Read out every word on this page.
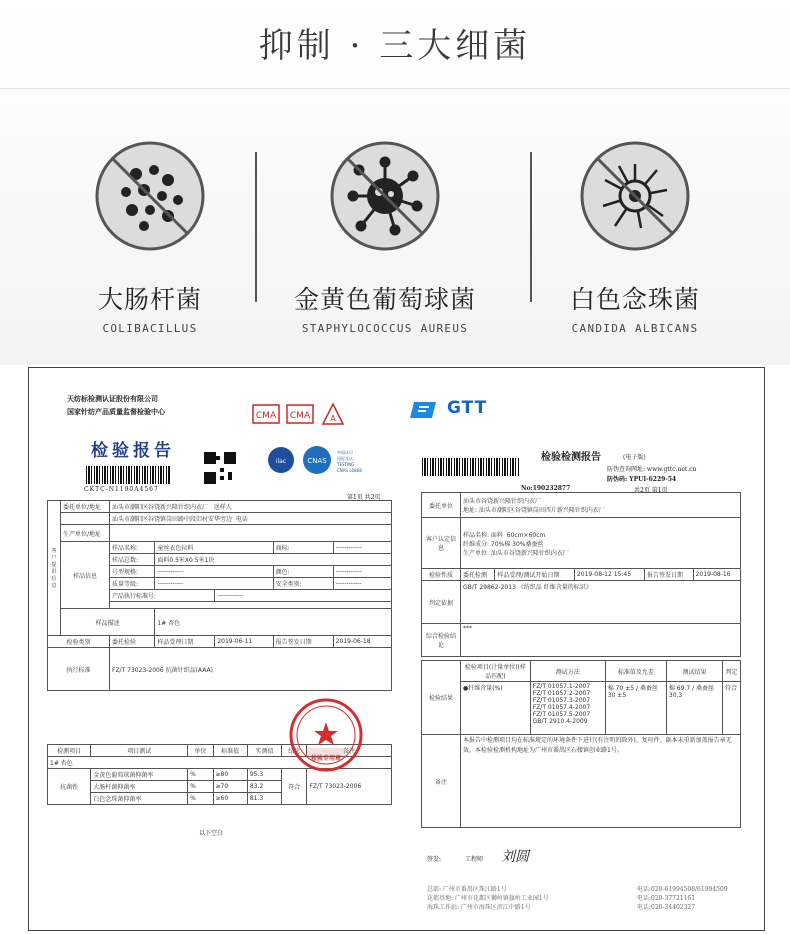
抑制 · 三大细菌
大肠杆菌
COLIBACILLUS
金黄色葡萄球菌
STAPHYLOCOCCUS AUREUS
白色念珠菌
CANDIDA ALBICANS
天纺标检测认证股份有限公司
国家针纺产品质量监督检验中心
检验报告
CKTC-N1190A4567
CMA CMA	A
ilac	CNAS
中国认可
国际互认
TESTING
CNAS L0868
第1页 共2页
客户提供信息	委托单位/地址	汕头市潮阳区谷饶新兴隆针织内衣厂 送样人				
		汕头市潮阳区谷饶镇岗田路中段旧村安华旁边 电话				
	生产单位/地址					
	样品信息	样品名称:	童丝衣色拉料		商标:	------------
		样品总数:	面料0.5米X0.5米1块			
		号型规格:	------------		颜色:	------------
		质量等级:	------------		安全类别:	------------
		产品执行标准号:		------------		

	样品描述		1# 杏色			
检验类别		委托检验	样品受理日期	2019-06-11	报告签发日期	2019-06-18
执行标准		FZ/T 73023-2006 抗菌针织品(AAA)				
检测项目	项目测试	单位	标准值	实测值	结论	备注
1# 杏色						
抗菌性	金黄色葡萄球菌抑菌率	%	≥80	95.3	符合	FZ/T 73023-2006
	大肠杆菌抑菌率	%	≥70	83.2		
	白色念珠菌抑菌率	%	≥60	81.3		
以下空白
检验专用章
GTT
检验检测报告	(电子版)
防伪查询网址: www.gttc.net.cn
防伪码: YPUI-6229-54
共2页 第1页
No:190232877
委托单位	汕头市谷饶新兴隆针织内衣厂
地址: 汕头市潮阳区谷饶镇岗田四片新兴隆针织内衣厂				

客户认定信息	样品名称: 面料 60cm×60cm
纤维成分: 70%棉 30%桑蚕丝
生产单位: 汕头市谷饶新兴隆针织内衣厂				

检验性质	委托检测	样品受理/测试开始日期	2019-08-12 15:45	报告签发日期	2019-08-16
判定依据	GB/T 29862-2013 《纺织品 纤维含量的标识》				
综合检验结论	***				
检验结果	检验项目(计量单位)(样品匹配)	测试方法	标准值及允差	测试结果	判定
	●纤维含量(%)	FZ/T 01057.1-2007 FZ/T 01057.2-2007 FZ/T 01057.3-2007 FZ/T 01057.4-2007 FZ/T 01057.5-2007 GB/T 2910.4-2009	棉 70 ±5 / 桑蚕丝 30 ±5	棉 69.7 / 桑蚕丝 30.3	符合
备注	本报告中检测项目均在标准规定的环境条件下进行(有注明的除外)。复印件、副本未重新加盖报告章无效。本检验检测机构地址为广州市番禺区石楼镇创业路1号。				
签发:	工程师 刘圆
总部: 广州市番禺区珠江路1号
花都基地: 广州市花都区狮岭镇旗岭工业园1号
海珠工作站: 广州市海珠区滨江中路1号
电话:020-61994508/61994509
电话:020-37721161
电话:020-34402327
